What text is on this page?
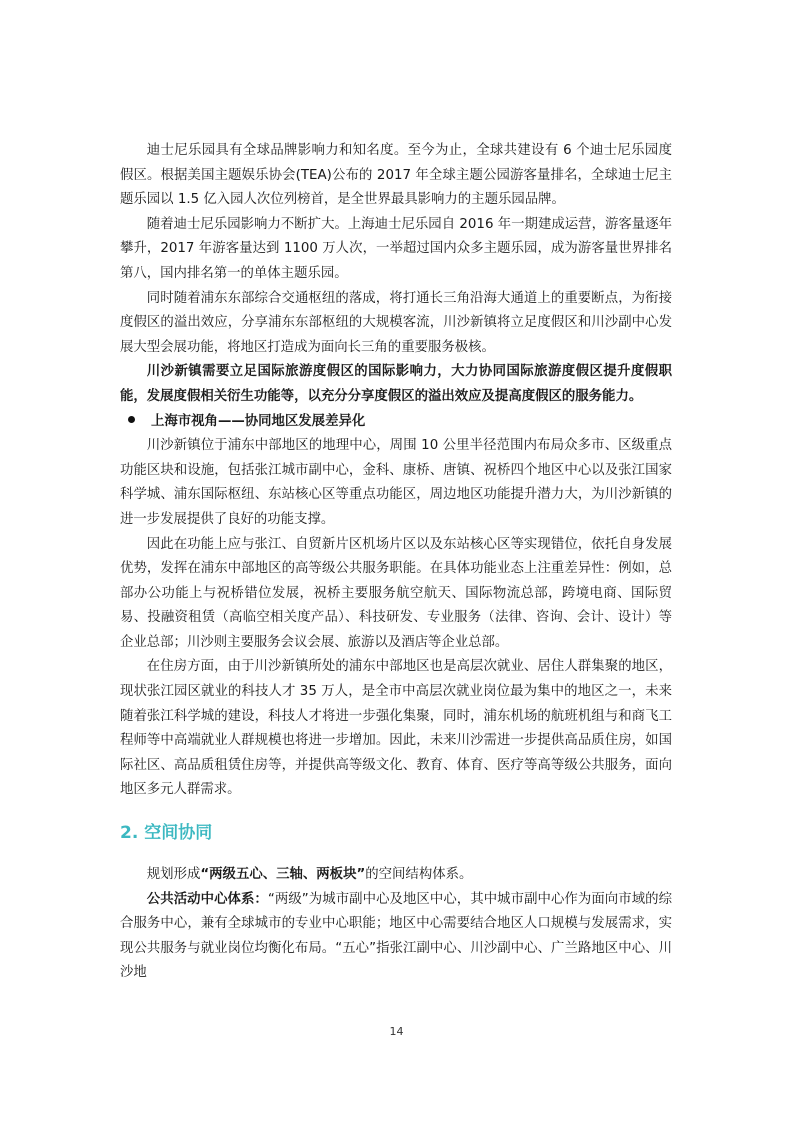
迪士尼乐园具有全球品牌影响力和知名度。至今为止，全球共建设有 6 个迪士尼乐园度假区。根据美国主题娱乐协会(TEA)公布的 2017 年全球主题公园游客量排名，全球迪士尼主题乐园以 1.5 亿入园人次位列榜首，是全世界最具影响力的主题乐园品牌。

随着迪士尼乐园影响力不断扩大。上海迪士尼乐园自 2016 年一期建成运营，游客量逐年攀升，2017 年游客量达到 1100 万人次，一举超过国内众多主题乐园，成为游客量世界排名第八，国内排名第一的单体主题乐园。

同时随着浦东东部综合交通枢纽的落成，将打通长三角沿海大通道上的重要断点，为衔接度假区的溢出效应，分享浦东东部枢纽的大规模客流，川沙新镇将立足度假区和川沙副中心发展大型会展功能，将地区打造成为面向长三角的重要服务极核。

川沙新镇需要立足国际旅游度假区的国际影响力，大力协同国际旅游度假区提升度假职能，发展度假相关衍生功能等，以充分分享度假区的溢出效应及提高度假区的服务能力。

上海市视角——协同地区发展差异化

川沙新镇位于浦东中部地区的地理中心，周围 10 公里半径范围内布局众多市、区级重点功能区块和设施，包括张江城市副中心，金科、康桥、唐镇、祝桥四个地区中心以及张江国家科学城、浦东国际枢纽、东站核心区等重点功能区，周边地区功能提升潜力大，为川沙新镇的进一步发展提供了良好的功能支撑。

因此在功能上应与张江、自贸新片区机场片区以及东站核心区等实现错位，依托自身发展优势，发挥在浦东中部地区的高等级公共服务职能。在具体功能业态上注重差异性：例如，总部办公功能上与祝桥错位发展，祝桥主要服务航空航天、国际物流总部，跨境电商、国际贸易、投融资租赁（高临空相关度产品）、科技研发、专业服务（法律、咨询、会计、设计）等企业总部；川沙则主要服务会议会展、旅游以及酒店等企业总部。

在住房方面，由于川沙新镇所处的浦东中部地区也是高层次就业、居住人群集聚的地区，现状张江园区就业的科技人才 35 万人，是全市中高层次就业岗位最为集中的地区之一，未来随着张江科学城的建设，科技人才将进一步强化集聚，同时，浦东机场的航班机组与和商飞工程师等中高端就业人群规模也将进一步增加。因此，未来川沙需进一步提供高品质住房，如国际社区、高品质租赁住房等，并提供高等级文化、教育、体育、医疗等高等级公共服务，面向地区多元人群需求。

2. 空间协同

规划形成“两级五心、三轴、两板块”的空间结构体系。

公共活动中心体系：“两级”为城市副中心及地区中心，其中城市副中心作为面向市域的综合服务中心，兼有全球城市的专业中心职能；地区中心需要结合地区人口规模与发展需求，实现公共服务与就业岗位均衡化布局。“五心”指张江副中心、川沙副中心、广兰路地区中心、川沙地

14
